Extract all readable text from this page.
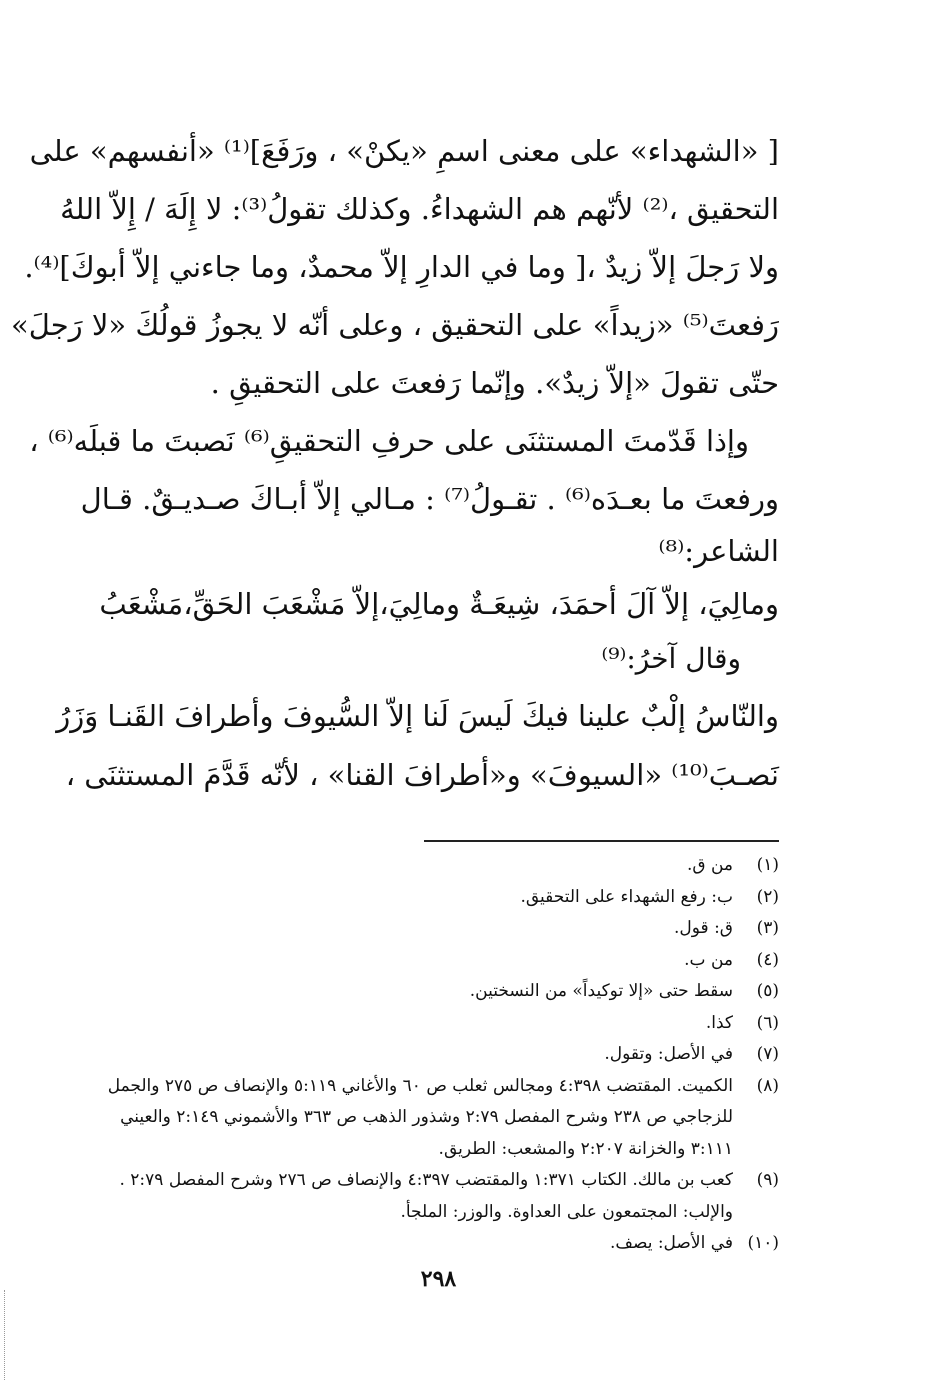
[ «الشهداء» على معنى اسمِ «يكنْ» ، ورَفَعَ]⁽¹⁾ «أنفسهم» على
التحقيق ،⁽²⁾ لأنّهم هم الشهداءُ. وكذلك تقولُ⁽³⁾: لا إِلَهَ / إِلاّ اللهُ
ولا رَجلَ إلاّ زيدٌ ،[ وما في الدارِ إلاّ محمدٌ، وما جاءني إلاّ أبوكَ]⁽⁴⁾.
رَفعتَ⁽⁵⁾ «زيداً» على التحقيق ، وعلى أنّه لا يجوزُ قولُكَ «لا رَجلَ»
حتّى تقولَ «إلاّ زيدٌ». وإنّما رَفعتَ على التحقيقِ .
وإذا قَدّمتَ المستثنَى على حرفِ التحقيقِ⁽⁶⁾ نَصبتَ ما قبلَه⁽⁶⁾ ،
ورفعتَ ما بعـدَه⁽⁶⁾ . تقـولُ⁽⁷⁾ : مـالي إلاّ أبـاكَ صـديـقٌ. قـال
الشاعر:⁽⁸⁾
ومالِيَ، إلاّ آلَ أحمَدَ، شِيعَـةٌ ومالِيَ،إلاّ مَشْعَبَ الحَقِّ،مَشْعَبُ
وقال آخرُ:⁽⁹⁾
والنّاسُ إلْبٌ علينا فيكَ لَيسَ لَنا إلاّ السُّيوفَ وأطرافَ القَنـا وَزَرُ
نَصـبَ⁽¹⁰⁾ «السيوفَ» و«أطرافَ القنا» ، لأنّه قَدَّمَ المستثنَى ،
(١)
من ق.
(٢)
ب: رفع الشهداء على التحقيق.
(٣)
ق: قول.
(٤)
من ب.
(٥)
سقط حتى «إلا توكيداً» من النسختين.
(٦)
كذا.
(٧)
في الأصل: وتقول.
(٨)
الكميت. المقتضب ٤:٣٩٨ ومجالس ثعلب ص ٦٠ والأغاني ٥:١١٩ والإنصاف ص ٢٧٥ والجمل للزجاجي ص ٢٣٨ وشرح المفصل ٢:٧٩ وشذور الذهب ص ٣٦٣ والأشموني ٢:١٤٩ والعيني ٣:١١١ والخزانة ٢:٢٠٧ والمشعب: الطريق.
(٩)
كعب بن مالك. الكتاب ١:٣٧١ والمقتضب ٤:٣٩٧ والإنصاف ص ٢٧٦ وشرح المفصل ٢:٧٩ . والإلب: المجتمعون على العداوة. والوزر: الملجأ.
(١٠)
في الأصل: يصف.
٢٩٨
